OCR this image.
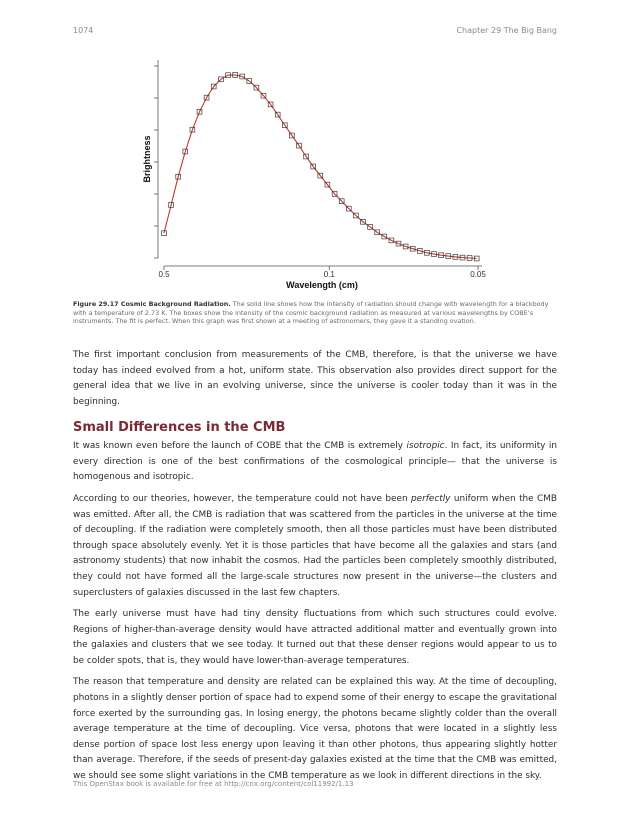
1074	Chapter 29 The Big Bang
0.5	0.1	0.05
Wavelength (cm)
Brightness
Figure 29.17 Cosmic Background Radiation. The solid line shows how the intensity of radiation should change with wavelength for a blackbody with a temperature of 2.73 K. The boxes show the intensity of the cosmic background radiation as measured at various wavelengths by COBE’s instruments. The fit is perfect. When this graph was first shown at a meeting of astronomers, they gave it a standing ovation.

The first important conclusion from measurements of the CMB, therefore, is that the universe we have today has indeed evolved from a hot, uniform state. This observation also provides direct support for the general idea that we live in an evolving universe, since the universe is cooler today than it was in the beginning.

Small Differences in the CMB

It was known even before the launch of COBE that the CMB is extremely isotropic. In fact, its uniformity in every direction is one of the best confirmations of the cosmological principle— that the universe is homogenous and isotropic.

According to our theories, however, the temperature could not have been perfectly uniform when the CMB was emitted. After all, the CMB is radiation that was scattered from the particles in the universe at the time of decoupling. If the radiation were completely smooth, then all those particles must have been distributed through space absolutely evenly. Yet it is those particles that have become all the galaxies and stars (and astronomy students) that now inhabit the cosmos. Had the particles been completely smoothly distributed, they could not have formed all the large-scale structures now present in the universe—the clusters and superclusters of galaxies discussed in the last few chapters.

The early universe must have had tiny density fluctuations from which such structures could evolve. Regions of higher-than-average density would have attracted additional matter and eventually grown into the galaxies and clusters that we see today. It turned out that these denser regions would appear to us to be colder spots, that is, they would have lower-than-average temperatures.

The reason that temperature and density are related can be explained this way. At the time of decoupling, photons in a slightly denser portion of space had to expend some of their energy to escape the gravitational force exerted by the surrounding gas. In losing energy, the photons became slightly colder than the overall average temperature at the time of decoupling. Vice versa, photons that were located in a slightly less dense portion of space lost less energy upon leaving it than other photons, thus appearing slightly hotter than average. Therefore, if the seeds of present-day galaxies existed at the time that the CMB was emitted, we should see some slight variations in the CMB temperature as we look in different directions in the sky.

This OpenStax book is available for free at http://cnx.org/content/col11992/1.13
